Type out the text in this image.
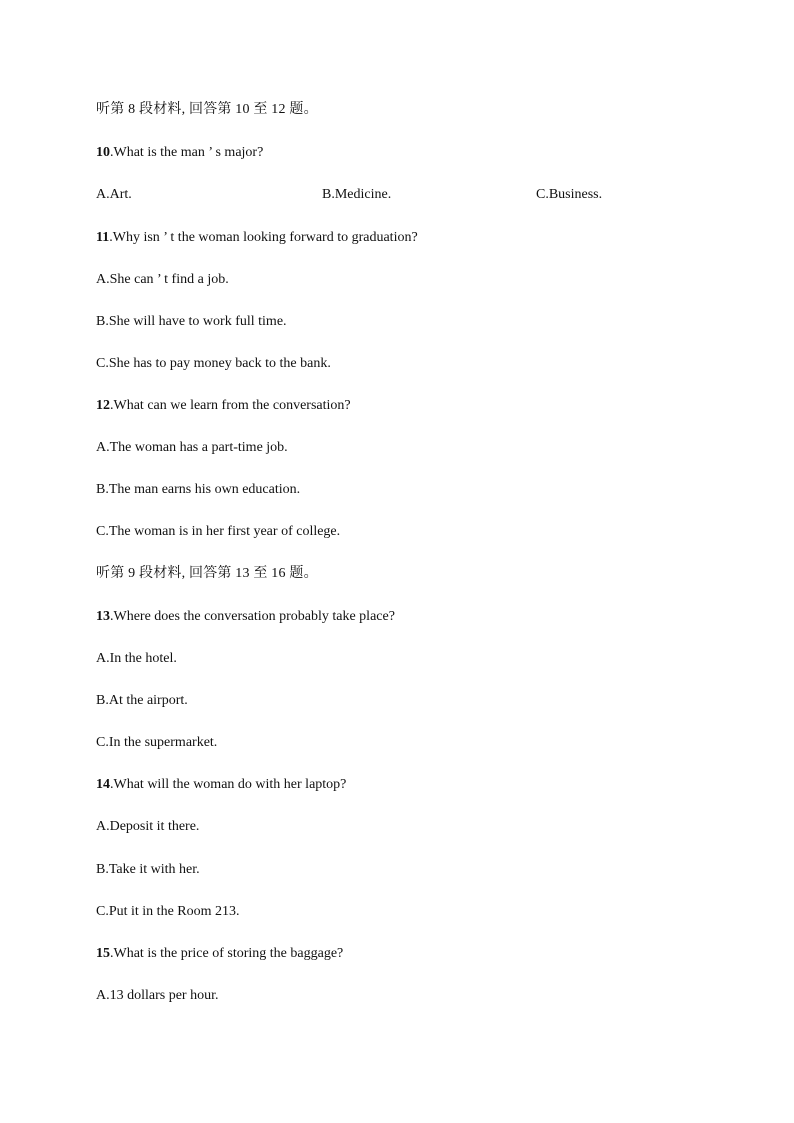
听第 8 段材料, 回答第 10 至 12 题。
10.What is the man ’ s major?
A.Art.	B.Medicine.	C.Business.
11.Why isn ’ t the woman looking forward to graduation?
A.She can ’ t find a job.
B.She will have to work full time.
C.She has to pay money back to the bank.
12.What can we learn from the conversation?
A.The woman has a part-time job.
B.The man earns his own education.
C.The woman is in her first year of college.
听第 9 段材料, 回答第 13 至 16 题。
13.Where does the conversation probably take place?
A.In the hotel.
B.At the airport.
C.In the supermarket.
14.What will the woman do with her laptop?
A.Deposit it there.
B.Take it with her.
C.Put it in the Room 213.
15.What is the price of storing the baggage?
A.13 dollars per hour.
